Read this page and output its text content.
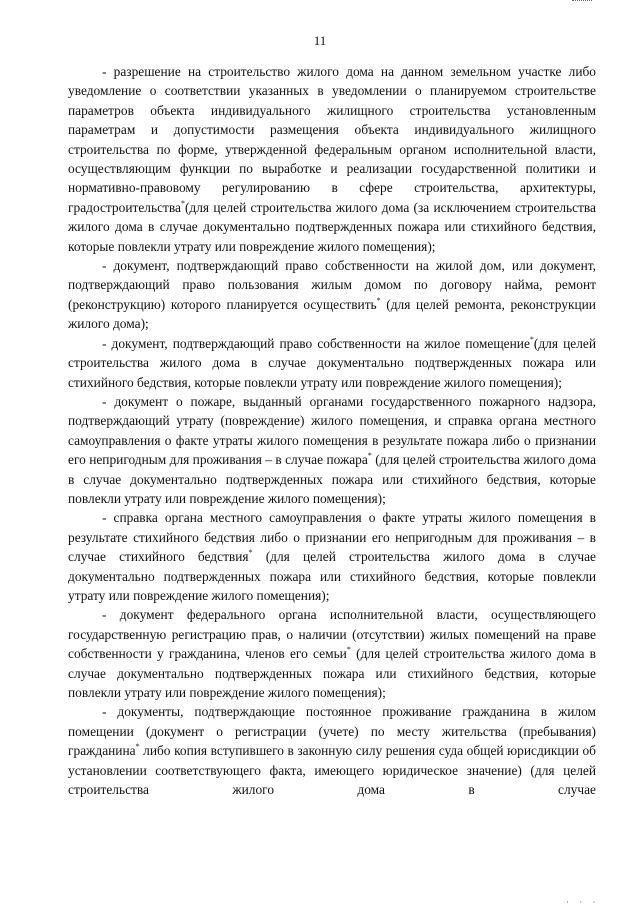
11

- разрешение на строительство жилого дома на данном земельном участке либо уведомление о соответствии указанных в уведомлении о планируемом строительстве параметров объекта индивидуального жилищного строительства установленным параметрам и допустимости размещения объекта индивидуального жилищного строительства по форме, утвержденной федеральным органом исполнительной власти, осуществляющим функции по выработке и реализации государственной политики и нормативно-правовому регулированию в сфере строительства, архитектуры, градостроительства*(для целей строительства жилого дома (за исключением строительства жилого дома в случае документально подтвержденных пожара или стихийного бедствия, которые повлекли утрату или повреждение жилого помещения);

- документ, подтверждающий право собственности на жилой дом, или документ, подтверждающий право пользования жилым домом по договору найма, ремонт (реконструкцию) которого планируется осуществить* (для целей ремонта, реконструкции жилого дома);

- документ, подтверждающий право собственности на жилое помещение*(для целей строительства жилого дома в случае документально подтвержденных пожара или стихийного бедствия, которые повлекли утрату или повреждение жилого помещения);

- документ о пожаре, выданный органами государственного пожарного надзора, подтверждающий утрату (повреждение) жилого помещения, и справка органа местного самоуправления о факте утраты жилого помещения в результате пожара либо о признании его непригодным для проживания – в случае пожара* (для целей строительства жилого дома в случае документально подтвержденных пожара или стихийного бедствия, которые повлекли утрату или повреждение жилого помещения);

- справка органа местного самоуправления о факте утраты жилого помещения в результате стихийного бедствия либо о признании его непригодным для проживания – в случае стихийного бедствия* (для целей строительства жилого дома в случае документально подтвержденных пожара или стихийного бедствия, которые повлекли утрату или повреждение жилого помещения);

- документ федерального органа исполнительной власти, осуществляющего государственную регистрацию прав, о наличии (отсутствии) жилых помещений на праве собственности у гражданина, членов его семьи* (для целей строительства жилого дома в случае документально подтвержденных пожара или стихийного бедствия, которые повлекли утрату или повреждение жилого помещения);

- документы, подтверждающие постоянное проживание гражданина в жилом помещении (документ о регистрации (учете) по месту жительства (пребывания) гражданина* либо копия вступившего в законную силу решения суда общей юрисдикции об установлении соответствующего факта, имеющего юридическое значение) (для целей строительства жилого дома в случае

· · ·
